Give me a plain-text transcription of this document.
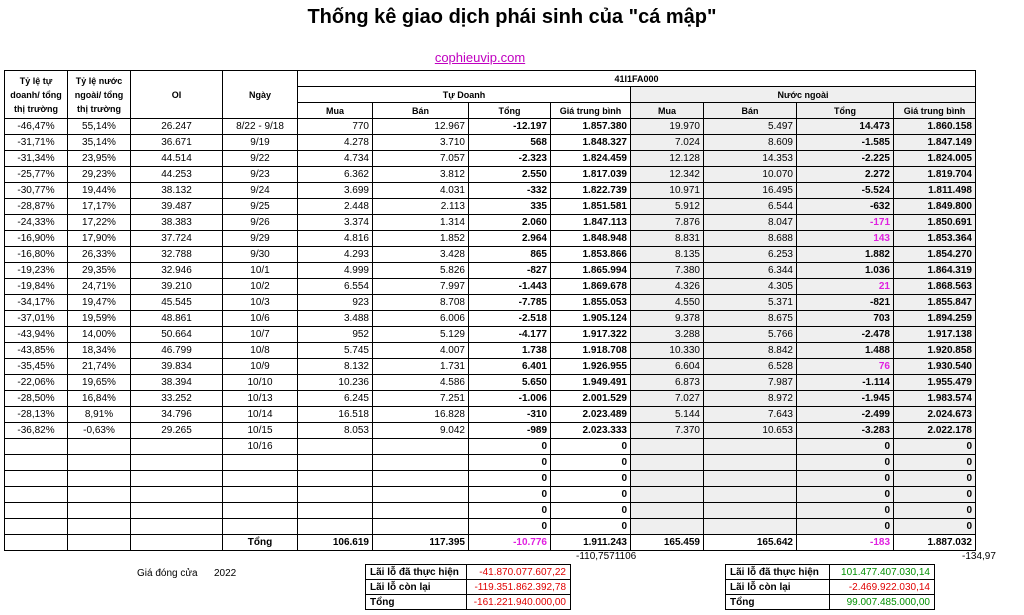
Thống kê giao dịch phái sinh của "cá mập"
cophieuvip.com
Tỷ lệ tự doanh/ tổng thị trường	Tỷ lệ nước ngoài/ tổng thị trường	OI	Ngày	41I1FA000							
				Tự Doanh				Nước ngoài			
				Mua	Bán	Tổng	Giá trung bình	Mua	Bán	Tổng	Giá trung bình
-46,47%	55,14%	26.247	8/22 - 9/18	770	12.967	-12.197	1.857.380	19.970	5.497	14.473	1.860.158
-31,71%	35,14%	36.671	9/19	4.278	3.710	568	1.848.327	7.024	8.609	-1.585	1.847.149
-31,34%	23,95%	44.514	9/22	4.734	7.057	-2.323	1.824.459	12.128	14.353	-2.225	1.824.005
-25,77%	29,23%	44.253	9/23	6.362	3.812	2.550	1.817.039	12.342	10.070	2.272	1.819.704
-30,77%	19,44%	38.132	9/24	3.699	4.031	-332	1.822.739	10.971	16.495	-5.524	1.811.498
-28,87%	17,17%	39.487	9/25	2.448	2.113	335	1.851.581	5.912	6.544	-632	1.849.800
-24,33%	17,22%	38.383	9/26	3.374	1.314	2.060	1.847.113	7.876	8.047	-171	1.850.691
-16,90%	17,90%	37.724	9/29	4.816	1.852	2.964	1.848.948	8.831	8.688	143	1.853.364
-16,80%	26,33%	32.788	9/30	4.293	3.428	865	1.853.866	8.135	6.253	1.882	1.854.270
-19,23%	29,35%	32.946	10/1	4.999	5.826	-827	1.865.994	7.380	6.344	1.036	1.864.319
-19,84%	24,71%	39.210	10/2	6.554	7.997	-1.443	1.869.678	4.326	4.305	21	1.868.563
-34,17%	19,47%	45.545	10/3	923	8.708	-7.785	1.855.053	4.550	5.371	-821	1.855.847
-37,01%	19,59%	48.861	10/6	3.488	6.006	-2.518	1.905.124	9.378	8.675	703	1.894.259
-43,94%	14,00%	50.664	10/7	952	5.129	-4.177	1.917.322	3.288	5.766	-2.478	1.917.138
-43,85%	18,34%	46.799	10/8	5.745	4.007	1.738	1.918.708	10.330	8.842	1.488	1.920.858
-35,45%	21,74%	39.834	10/9	8.132	1.731	6.401	1.926.955	6.604	6.528	76	1.930.540
-22,06%	19,65%	38.394	10/10	10.236	4.586	5.650	1.949.491	6.873	7.987	-1.114	1.955.479
-28,50%	16,84%	33.252	10/13	6.245	7.251	-1.006	2.001.529	7.027	8.972	-1.945	1.983.574
-28,13%	8,91%	34.796	10/14	16.518	16.828	-310	2.023.489	5.144	7.643	-2.499	2.024.673
-36,82%	-0,63%	29.265	10/15	8.053	9.042	-989	2.023.333	7.370	10.653	-3.283	2.022.178
			10/16			0	0			0	0
						0	0			0	0
						0	0			0	0
						0	0			0	0
						0	0			0	0
						0	0			0	0
			Tổng	106.619	117.395	-10.776	1.911.243	165.459	165.642	-183	1.887.032
-110,7571106	-134,97
Giá đóng cửa 2022	Lãi lỗ đã thực hiện	-41.870.077.607,22
Lãi lỗ còn lại	-119.351.862.392,78
Tổng	-161.221.940.000,00
Lãi lỗ đã thực hiện	101.477.407.030,14
Lãi lỗ còn lại	-2.469.922.030,14
Tổng	99.007.485.000,00
